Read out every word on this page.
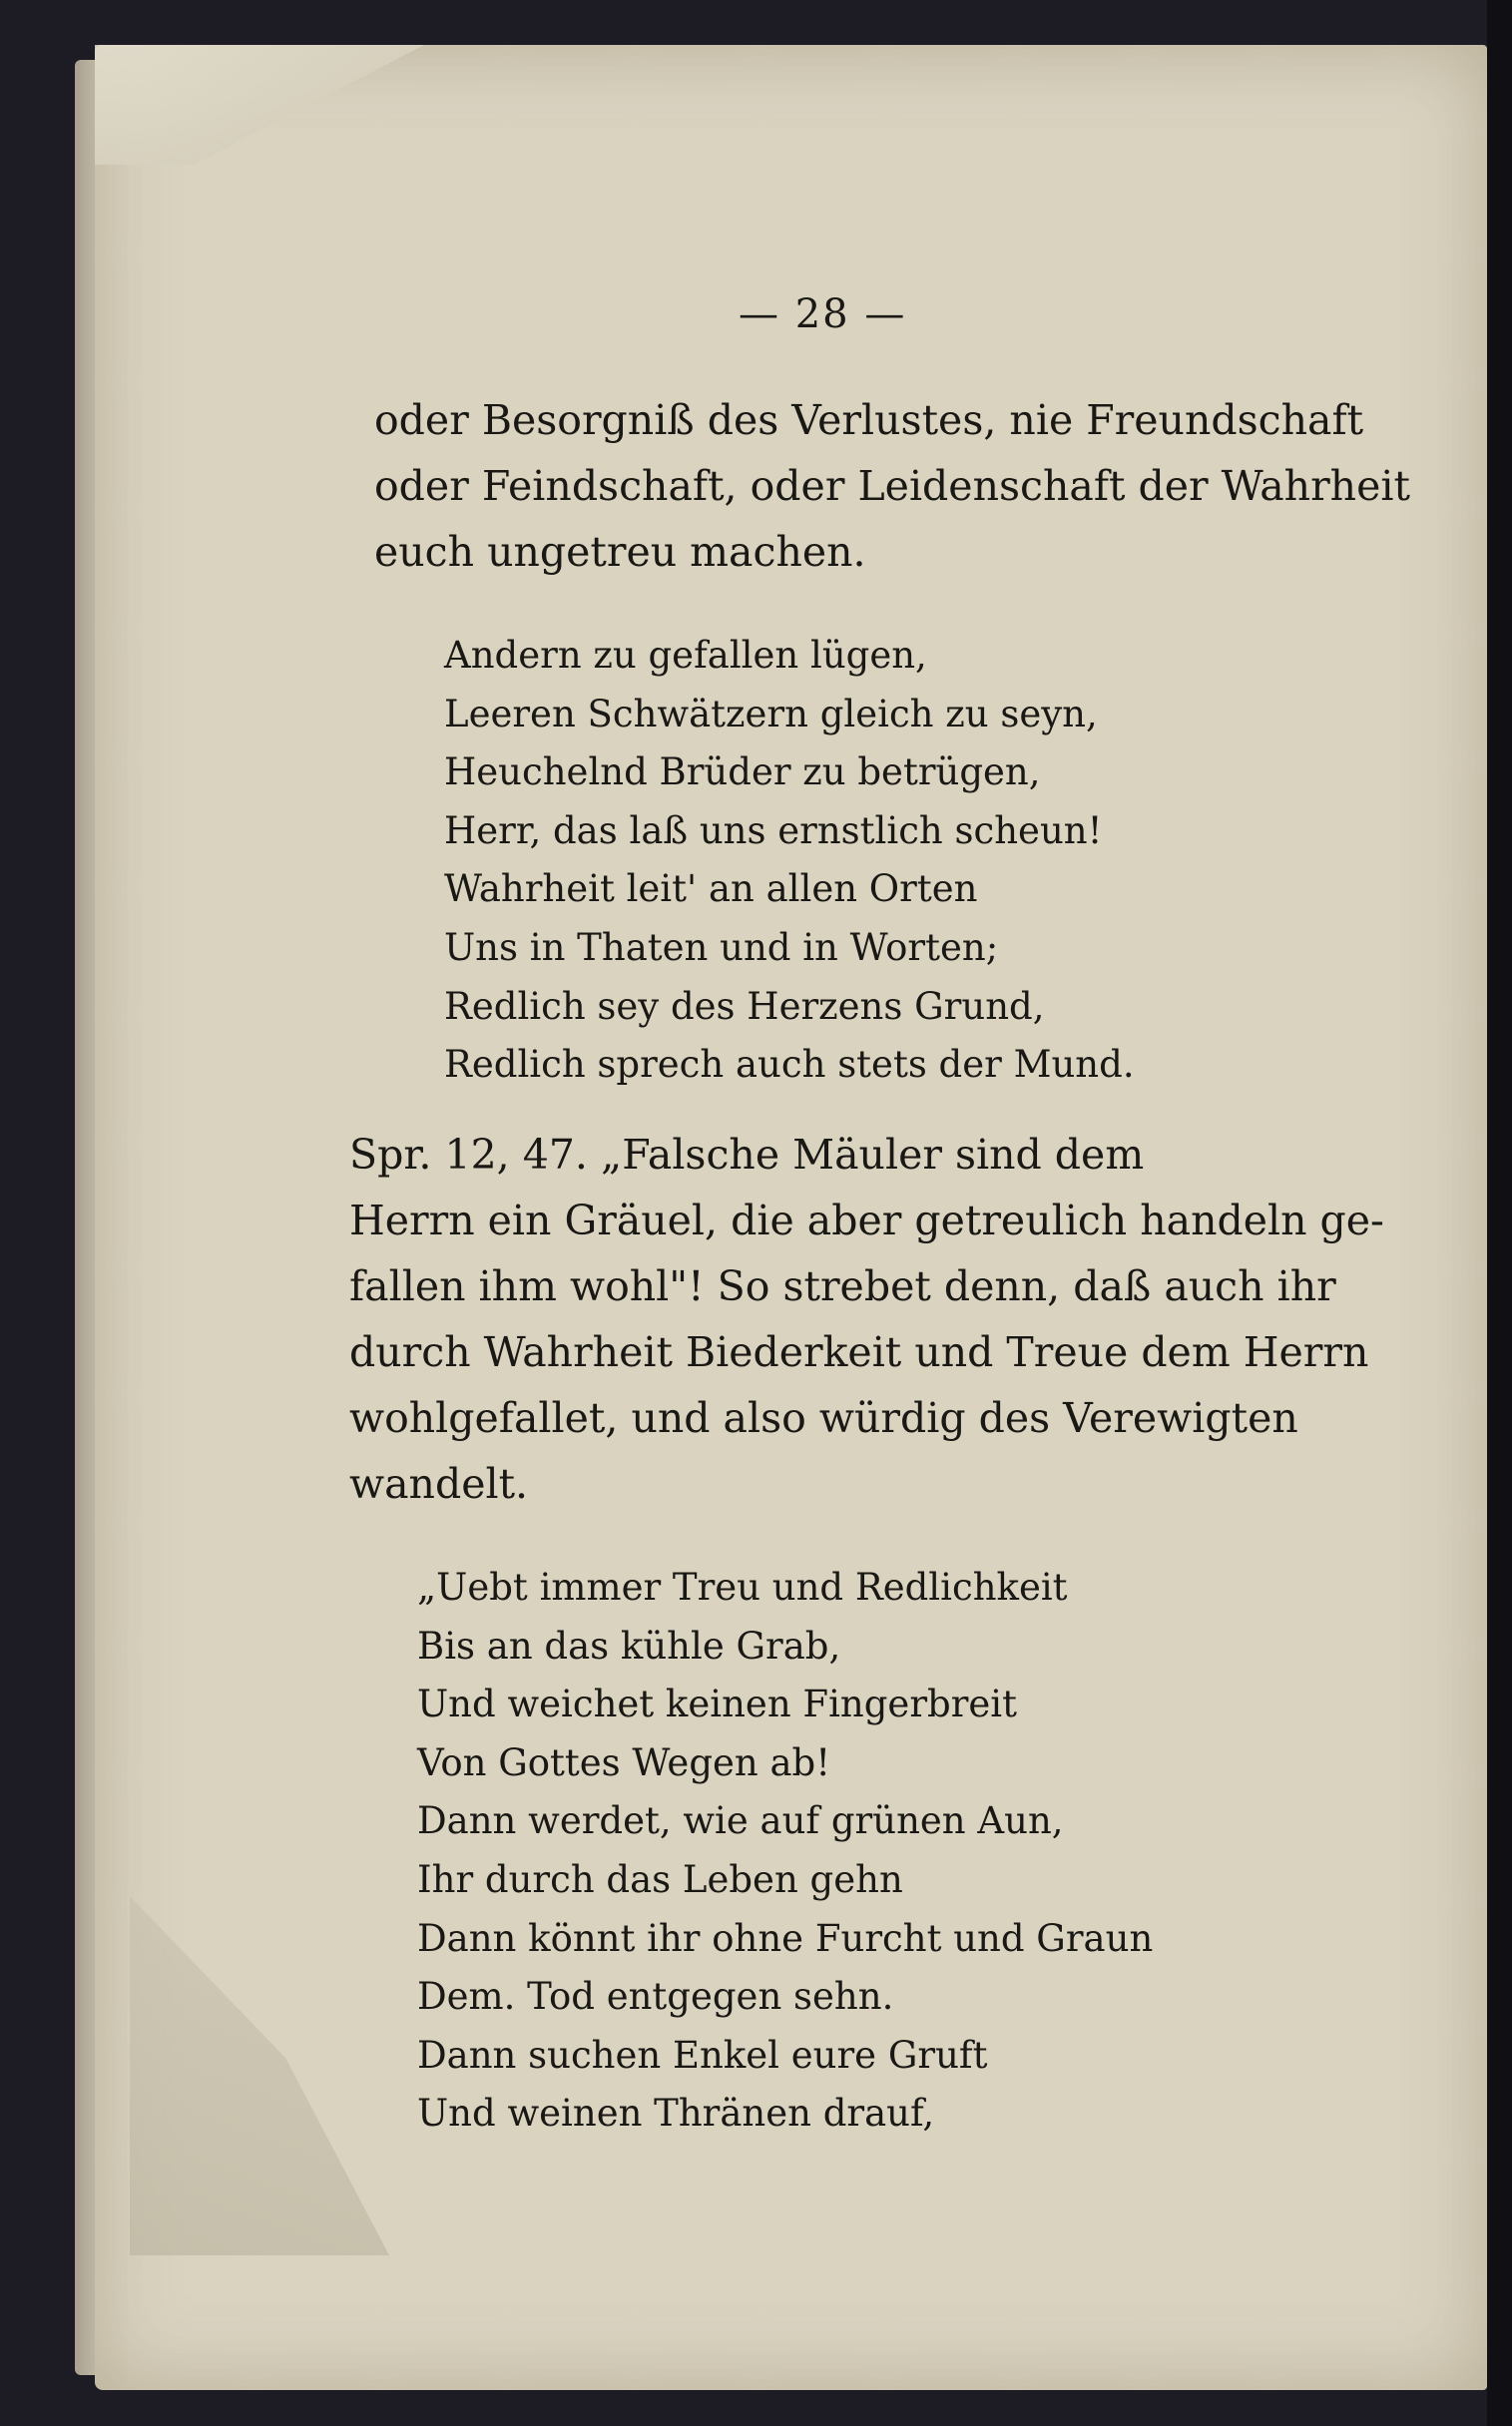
— 28 —
oder Besorgniß des Verlustes, nie Freundschaft
oder Feindschaft, oder Leidenschaft der Wahrheit
euch ungetreu machen.
Andern zu gefallen lügen,
Leeren Schwätzern gleich zu seyn,
Heuchelnd Brüder zu betrügen,
Herr, das laß uns ernstlich scheun!
Wahrheit leit' an allen Orten
Uns in Thaten und in Worten;
Redlich sey des Herzens Grund,
Redlich sprech auch stets der Mund.
Spr. 12, 47. „Falsche Mäuler sind dem
Herrn ein Gräuel, die aber getreulich handeln ge-
fallen ihm wohl"! So strebet denn, daß auch ihr
durch Wahrheit Biederkeit und Treue dem Herrn
wohlgefallet, und also würdig des Verewigten
wandelt.
„Uebt immer Treu und Redlichkeit
Bis an das kühle Grab,
Und weichet keinen Fingerbreit
Von Gottes Wegen ab!
Dann werdet, wie auf grünen Aun,
Ihr durch das Leben gehn
Dann könnt ihr ohne Furcht und Graun
Dem. Tod entgegen sehn.
Dann suchen Enkel eure Gruft
Und weinen Thränen drauf,
